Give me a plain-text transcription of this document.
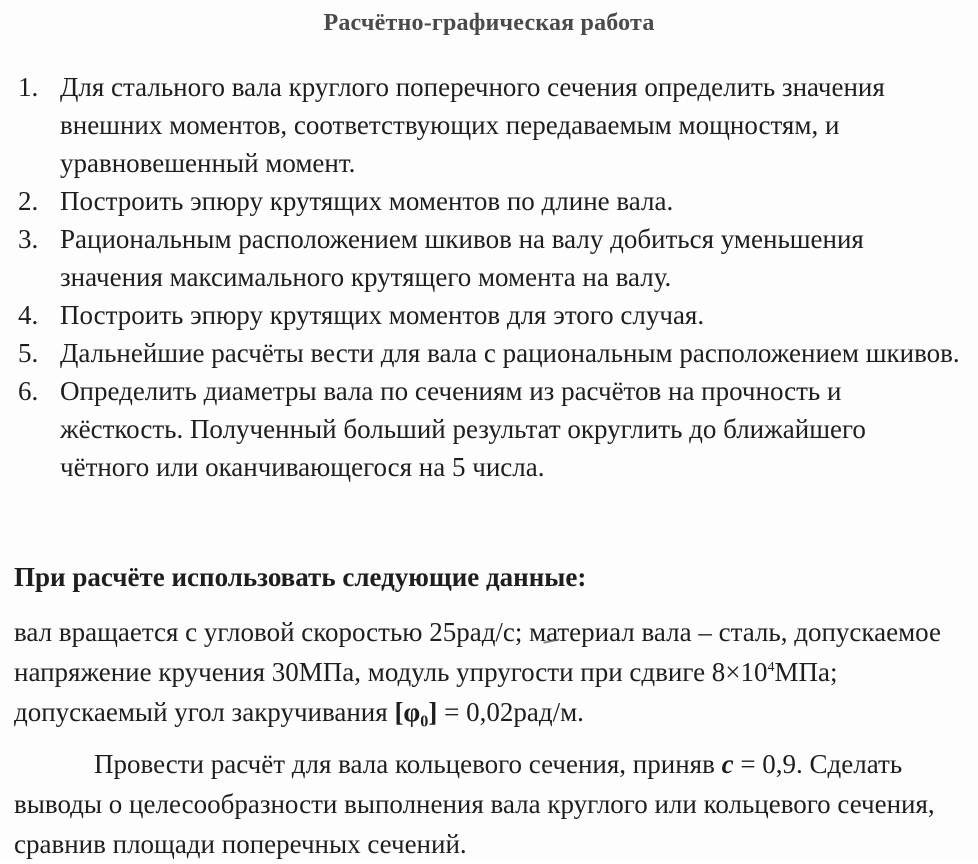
Расчётно-графическая работа
1. Для стального вала круглого поперечного сечения определить значения внешних моментов, соответствующих передаваемым мощностям, и уравновешенный момент.
2. Построить эпюру крутящих моментов по длине вала.
3. Рациональным расположением шкивов на валу добиться уменьшения значения максимального крутящего момента на валу.
4. Построить эпюру крутящих моментов для этого случая.
5. Дальнейшие расчёты вести для вала с рациональным расположением шкивов.
6. Определить диаметры вала по сечениям из расчётов на прочность и жёсткость. Полученный больший результат округлить до ближайшего чётного или оканчивающегося на 5 числа.
При расчёте использовать следующие данные:

вал вращается с угловой скоростью 25рад/с; материал вала – сталь, допускаемое напряжение кручения 30МПа, модуль упругости при сдвиге $8\times 10^4МПа$; допускаемый угол закручивания [φ₀] = 0,02рад/м.

Провести расчёт для вала кольцевого сечения, приняв c = 0,9. Сделать выводы о целесообразности выполнения вала круглого или кольцевого сечения, сравнив площади поперечных сечений.
